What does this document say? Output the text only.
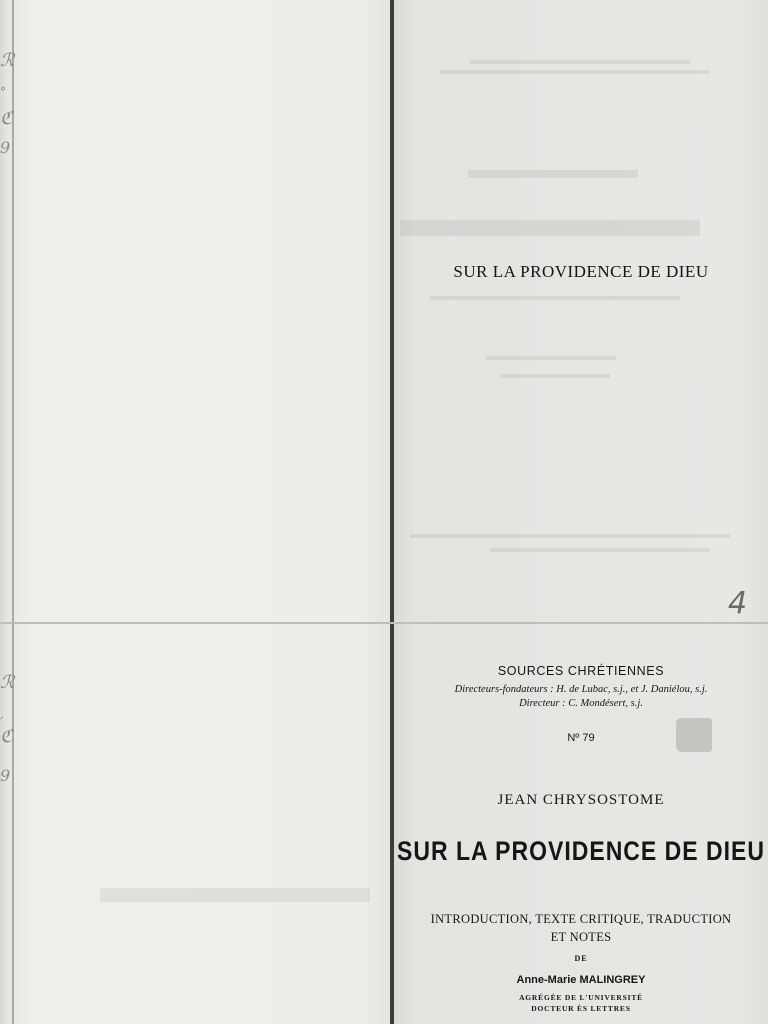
ℛ
°
ℭ
9
SUR LA PROVIDENCE DE DIEU
4
ℛ
,
ℭ
9
SOURCES CHRÉTIENNES
Directeurs-fondateurs : H. de Lubac, s.j., et J. Daniélou, s.j.
Directeur : C. Mondésert, s.j.
Nº 79
JEAN CHRYSOSTOME
SUR LA PROVIDENCE DE DIEU
INTRODUCTION, TEXTE CRITIQUE, TRADUCTION
ET NOTES
DE
Anne-Marie MALINGREY
AGRÉGÉE DE L'UNIVERSITÉ
DOCTEUR ÈS LETTRES
